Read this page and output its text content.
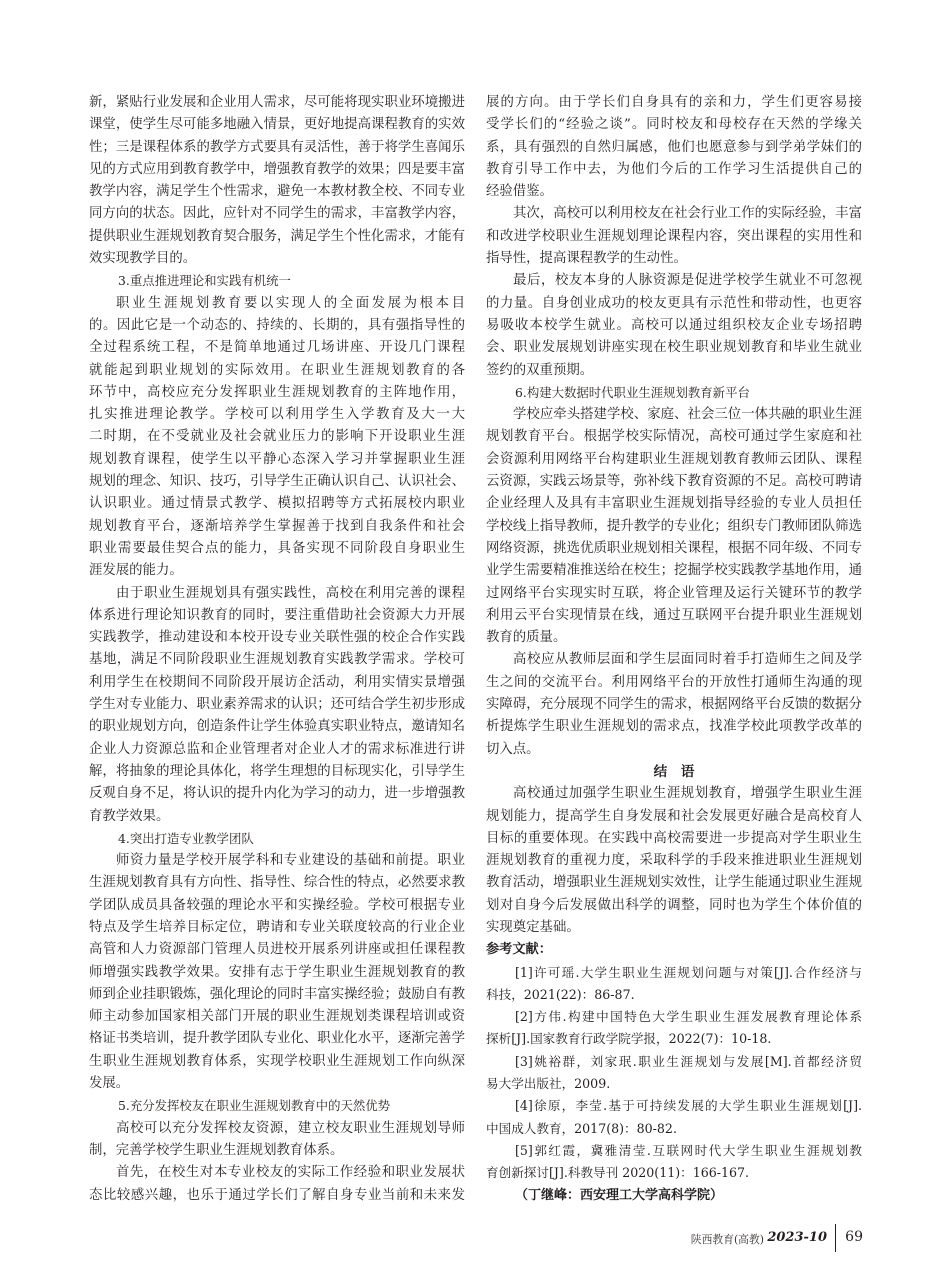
新，紧贴行业发展和企业用人需求，尽可能将现实职业环境搬进
课堂，使学生尽可能多地融入情景，更好地提高课程教育的实效
性；三是课程体系的教学方式要具有灵活性，善于将学生喜闻乐
见的方式应用到教育教学中，增强教育教学的效果；四是要丰富
教学内容，满足学生个性需求，避免一本教材教全校、不同专业
同方向的状态。因此，应针对不同学生的需求，丰富教学内容，
提供职业生涯规划教育契合服务，满足学生个性化需求，才能有
效实现教学目的。
3.重点推进理论和实践有机统一
职业生涯规划教育要以实现人的全面发展为根本目
的。因此它是一个动态的、持续的、长期的，具有强指导性的
全过程系统工程，不是简单地通过几场讲座、开设几门课程
就能起到职业规划的实际效用。在职业生涯规划教育的各
环节中，高校应充分发挥职业生涯规划教育的主阵地作用，
扎实推进理论教学。学校可以利用学生入学教育及大一大
二时期，在不受就业及社会就业压力的影响下开设职业生涯
规划教育课程，使学生以平静心态深入学习并掌握职业生涯
规划的理念、知识、技巧，引导学生正确认识自己、认识社会、
认识职业。通过情景式教学、模拟招聘等方式拓展校内职业
规划教育平台，逐渐培养学生掌握善于找到自我条件和社会
职业需要最佳契合点的能力，具备实现不同阶段自身职业生
涯发展的能力。
由于职业生涯规划具有强实践性，高校在利用完善的课程
体系进行理论知识教育的同时，要注重借助社会资源大力开展
实践教学，推动建设和本校开设专业关联性强的校企合作实践
基地，满足不同阶段职业生涯规划教育实践教学需求。学校可
利用学生在校期间不同阶段开展访企活动，利用实情实景增强
学生对专业能力、职业素养需求的认识；还可结合学生初步形成
的职业规划方向，创造条件让学生体验真实职业特点，邀请知名
企业人力资源总监和企业管理者对企业人才的需求标准进行讲
解，将抽象的理论具体化，将学生理想的目标现实化，引导学生
反观自身不足，将认识的提升内化为学习的动力，进一步增强教
育教学效果。
4.突出打造专业教学团队
师资力量是学校开展学科和专业建设的基础和前提。职业
生涯规划教育具有方向性、指导性、综合性的特点，必然要求教
学团队成员具备较强的理论水平和实操经验。学校可根据专业
特点及学生培养目标定位，聘请和专业关联度较高的行业企业
高管和人力资源部门管理人员进校开展系列讲座或担任课程教
师增强实践教学效果。安排有志于学生职业生涯规划教育的教
师到企业挂职锻炼，强化理论的同时丰富实操经验；鼓励自有教
师主动参加国家相关部门开展的职业生涯规划类课程培训或资
格证书类培训，提升教学团队专业化、职业化水平，逐渐完善学
生职业生涯规划教育体系，实现学校职业生涯规划工作向纵深
发展。
5.充分发挥校友在职业生涯规划教育中的天然优势
高校可以充分发挥校友资源，建立校友职业生涯规划导师
制，完善学校学生职业生涯规划教育体系。
首先，在校生对本专业校友的实际工作经验和职业发展状
态比较感兴趣，也乐于通过学长们了解自身专业当前和未来发
展的方向。由于学长们自身具有的亲和力，学生们更容易接
受学长们的“经验之谈”。同时校友和母校存在天然的学缘关
系，具有强烈的自然归属感，他们也愿意参与到学弟学妹们的
教育引导工作中去，为他们今后的工作学习生活提供自己的
经验借鉴。
其次，高校可以利用校友在社会行业工作的实际经验，丰富
和改进学校职业生涯规划理论课程内容，突出课程的实用性和
指导性，提高课程教学的生动性。
最后，校友本身的人脉资源是促进学校学生就业不可忽视
的力量。自身创业成功的校友更具有示范性和带动性，也更容
易吸收本校学生就业。高校可以通过组织校友企业专场招聘
会、职业发展规划讲座实现在校生职业规划教育和毕业生就业
签约的双重预期。
6.构建大数据时代职业生涯规划教育新平台
学校应牵头搭建学校、家庭、社会三位一体共融的职业生涯
规划教育平台。根据学校实际情况，高校可通过学生家庭和社
会资源利用网络平台构建职业生涯规划教育教师云团队、课程
云资源，实践云场景等，弥补线下教育资源的不足。高校可聘请
企业经理人及具有丰富职业生涯规划指导经验的专业人员担任
学校线上指导教师，提升教学的专业化；组织专门教师团队筛选
网络资源，挑选优质职业规划相关课程，根据不同年级、不同专
业学生需要精准推送给在校生；挖掘学校实践教学基地作用，通
过网络平台实现实时互联，将企业管理及运行关键环节的教学
利用云平台实现情景在线，通过互联网平台提升职业生涯规划
教育的质量。
高校应从教师层面和学生层面同时着手打造师生之间及学
生之间的交流平台。利用网络平台的开放性打通师生沟通的现
实障碍，充分展现不同学生的需求，根据网络平台反馈的数据分
析提炼学生职业生涯规划的需求点，找准学校此项教学改革的
切入点。
结　语
高校通过加强学生职业生涯规划教育，增强学生职业生涯
规划能力，提高学生自身发展和社会发展更好融合是高校育人
目标的重要体现。在实践中高校需要进一步提高对学生职业生
涯规划教育的重视力度，采取科学的手段来推进职业生涯规划
教育活动，增强职业生涯规划实效性，让学生能通过职业生涯规
划对自身今后发展做出科学的调整，同时也为学生个体价值的
实现奠定基础。
参考文献：
[1]许可瑶.大学生职业生涯规划问题与对策[J].合作经济与
科技，2021(22)：86-87.
[2]方伟.构建中国特色大学生职业生涯发展教育理论体系
探析[J].国家教育行政学院学报，2022(7)：10-18.
[3]姚裕群，刘家珉.职业生涯规划与发展[M].首都经济贸
易大学出版社，2009.
[4]徐原，李莹.基于可持续发展的大学生职业生涯规划[J].
中国成人教育，2017(8)：80-82.
[5]郭红霞，冀雅清莹.互联网时代大学生职业生涯规划教
育创新探讨[J].科教导刊 2020(11)：166-167.
（丁继峰：西安理工大学高科学院）
陕西教育(高教) 2023-10 69
